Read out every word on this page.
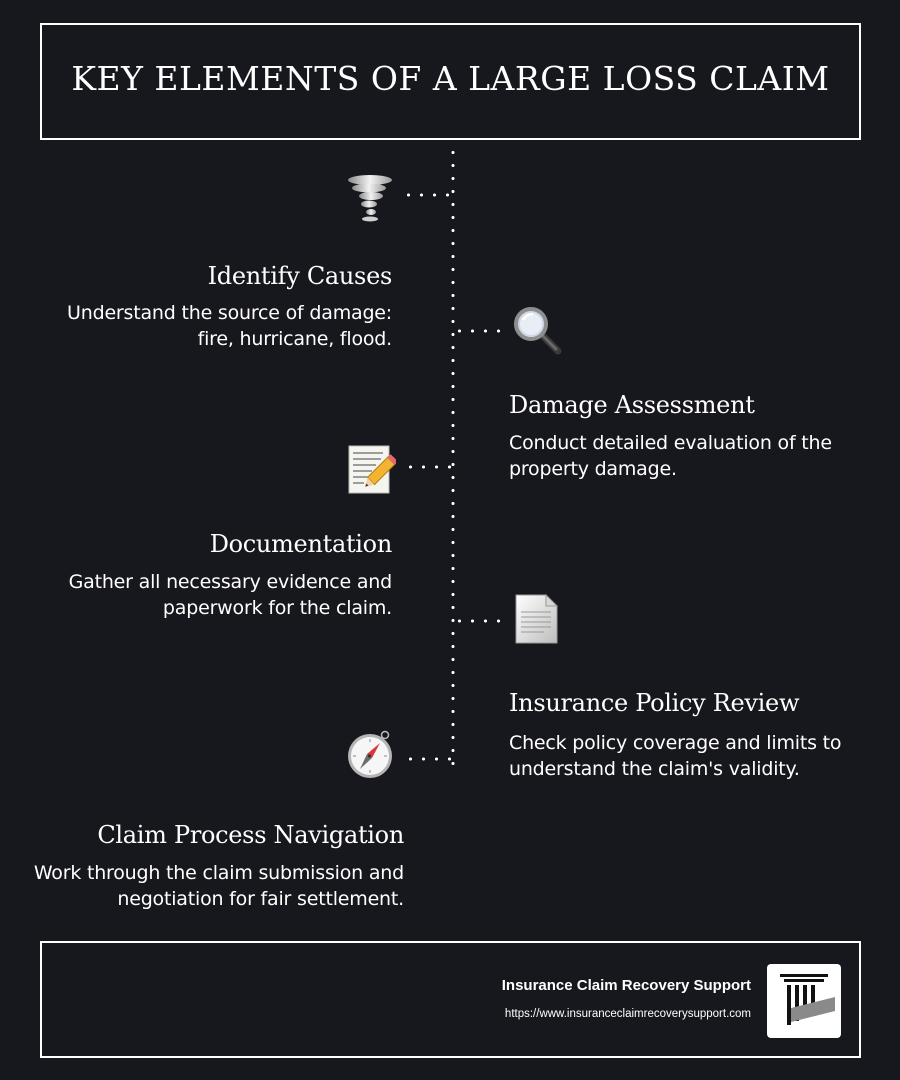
KEY ELEMENTS OF A LARGE LOSS CLAIM
Identify Causes
Understand the source of damage: fire, hurricane, flood.
Damage Assessment
Conduct detailed evaluation of the property damage.
Documentation
Gather all necessary evidence and paperwork for the claim.
Insurance Policy Review
Check policy coverage and limits to understand the claim's validity.
Claim Process Navigation
Work through the claim submission and negotiation for fair settlement.
Insurance Claim Recovery Support
https://www.insuranceclaimrecoverysupport.com
